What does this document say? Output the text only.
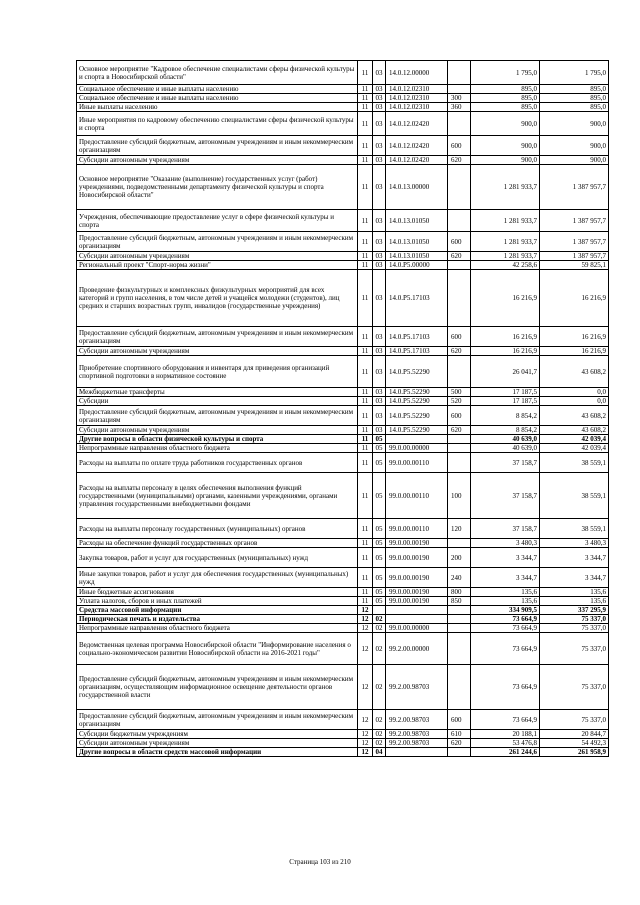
Основное мероприятие "Кадровое обеспечение специалистами сферы физической культуры и спорта в Новосибирской области"	11	03	14.0.12.00000		1 795,0	1 795,0
Социальное обеспечение и иные выплаты населению	11	03	14.0.12.02310		895,0	895,0
Социальное обеспечение и иные выплаты населению	11	03	14.0.12.02310	300	895,0	895,0
Иные выплаты населению	11	03	14.0.12.02310	360	895,0	895,0
Иные мероприятия по кадровому обеспечению специалистами сферы физической культуры и спорта	11	03	14.0.12.02420		900,0	900,0
Предоставление субсидий бюджетным, автономным учреждениям и иным некоммерческим организациям	11	03	14.0.12.02420	600	900,0	900,0
Субсидии автономным учреждениям	11	03	14.0.12.02420	620	900,0	900,0
Основное мероприятие "Оказание (выполнение) государственных услуг (работ) учреждениями, подведомственными департаменту физической культуры и спорта Новосибирской области"	11	03	14.0.13.00000		1 281 933,7	1 387 957,7
Учреждения, обеспечивающие предоставление услуг в сфере физической культуры и спорта	11	03	14.0.13.01050		1 281 933,7	1 387 957,7
Предоставление субсидий бюджетным, автономным учреждениям и иным некоммерческим организациям	11	03	14.0.13.01050	600	1 281 933,7	1 387 957,7
Субсидии автономным учреждениям	11	03	14.0.13.01050	620	1 281 933,7	1 387 957,7
Региональный проект "Спорт-норма жизни"	11	03	14.0.P5.00000		42 258,6	59 825,1
Проведение физкультурных и комплексных физкультурных мероприятий для всех категорий и групп населения, в том числе детей и учащейся молодежи (студентов), лиц средних и старших возрастных групп, инвалидов (государственные учреждения)	11	03	14.0.P5.17103		16 216,9	16 216,9
Предоставление субсидий бюджетным, автономным учреждениям и иным некоммерческим организациям	11	03	14.0.P5.17103	600	16 216,9	16 216,9
Субсидии автономным учреждениям	11	03	14.0.P5.17103	620	16 216,9	16 216,9
Приобретение спортивного оборудования и инвентаря для приведения организаций спортивной подготовки в нормативное состояние	11	03	14.0.P5.52290		26 041,7	43 608,2
Межбюджетные трансферты	11	03	14.0.P5.52290	500	17 187,5	0,0
Субсидии	11	03	14.0.P5.52290	520	17 187,5	0,0
Предоставление субсидий бюджетным, автономным учреждениям и иным некоммерческим организациям	11	03	14.0.P5.52290	600	8 854,2	43 608,2
Субсидии автономным учреждениям	11	03	14.0.P5.52290	620	8 854,2	43 608,2
Другие вопросы в области физической культуры и спорта	11	05			40 639,0	42 039,4
Непрограммные направления областного бюджета	11	05	99.0.00.00000		40 639,0	42 039,4
Расходы на выплаты по оплате труда работников государственных органов	11	05	99.0.00.00110		37 158,7	38 559,1
Расходы на выплаты персоналу в целях обеспечения выполнения функций государственными (муниципальными) органами, казенными учреждениями, органами управления государственными внебюджетными фондами	11	05	99.0.00.00110	100	37 158,7	38 559,1
Расходы на выплаты персоналу государственных (муниципальных) органов	11	05	99.0.00.00110	120	37 158,7	38 559,1
Расходы на обеспечение функций государственных органов	11	05	99.0.00.00190		3 480,3	3 480,3
Закупка товаров, работ и услуг для государственных (муниципальных) нужд	11	05	99.0.00.00190	200	3 344,7	3 344,7
Иные закупки товаров, работ и услуг для обеспечения государственных (муниципальных) нужд	11	05	99.0.00.00190	240	3 344,7	3 344,7
Иные бюджетные ассигнования	11	05	99.0.00.00190	800	135,6	135,6
Уплата налогов, сборов и иных платежей	11	05	99.0.00.00190	850	135,6	135,6
Средства массовой информации	12				334 909,5	337 295,9
Периодическая печать и издательства	12	02			73 664,9	75 337,0
Непрограммные направления областного бюджета	12	02	99.0.00.00000		73 664,9	75 337,0
Ведомственная целевая программа Новосибирской области "Информирование населения о социально-экономическом развитии Новосибирской области на 2016-2021 годы"	12	02	99.2.00.00000		73 664,9	75 337,0
Предоставление субсидий бюджетным, автономным учреждениям и иным некоммерческим организациям, осуществляющим информационное освещение деятельности органов государственной власти	12	02	99.2.00.98703		73 664,9	75 337,0
Предоставление субсидий бюджетным, автономным учреждениям и иным некоммерческим организациям	12	02	99.2.00.98703	600	73 664,9	75 337,0
Субсидии бюджетным учреждениям	12	02	99.2.00.98703	610	20 188,1	20 844,7
Субсидии автономным учреждениям	12	02	99.2.00.98703	620	53 476,8	54 492,3
Другие вопросы в области средств массовой информации	12	04			261 244,6	261 958,9
Страница 103 из 210
